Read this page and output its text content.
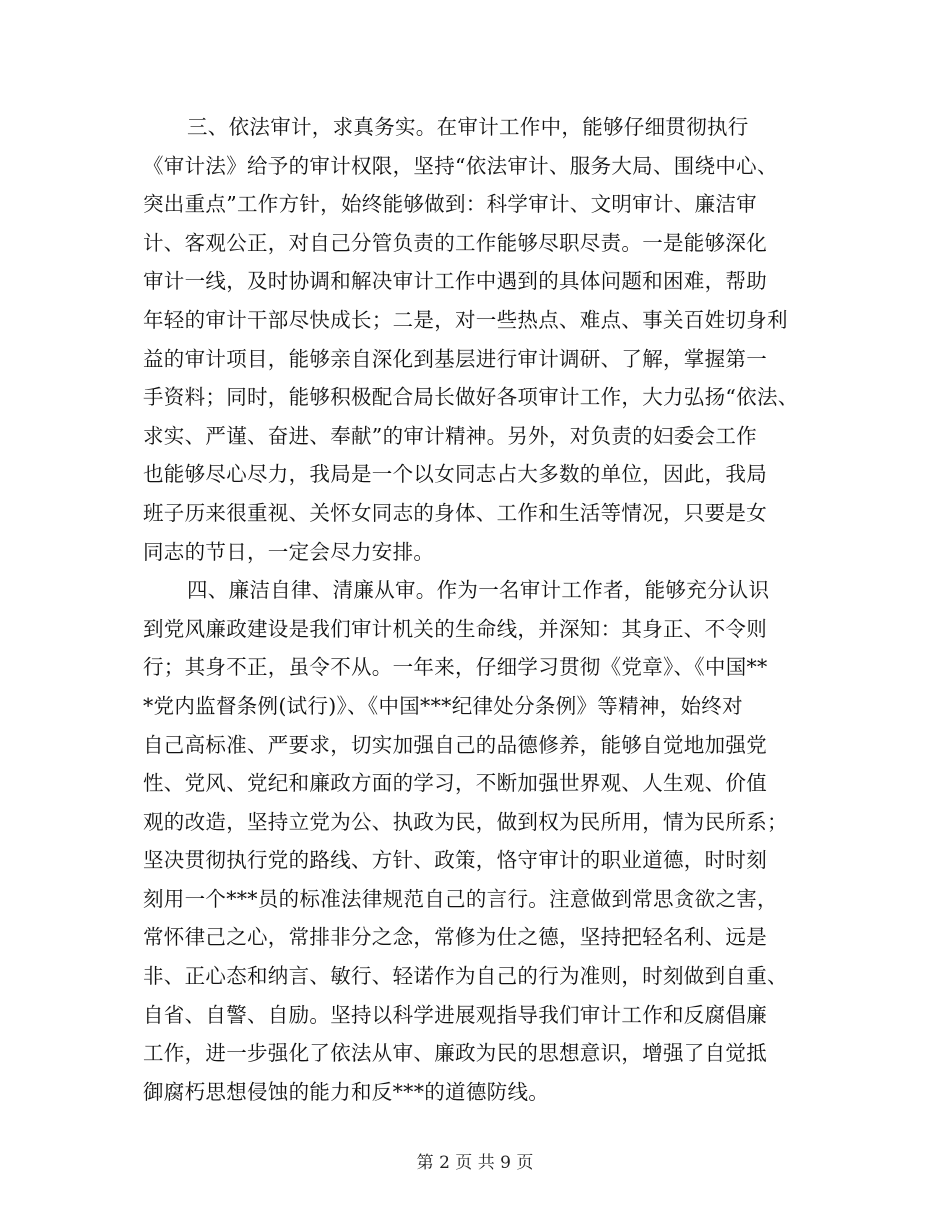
三、依法审计，求真务实。在审计工作中，能够仔细贯彻执行
《审计法》给予的审计权限，坚持“依法审计、服务大局、围绕中心、
突出重点”工作方针，始终能够做到：科学审计、文明审计、廉洁审
计、客观公正，对自己分管负责的工作能够尽职尽责。一是能够深化
审计一线，及时协调和解决审计工作中遇到的具体问题和困难，帮助
年轻的审计干部尽快成长；二是，对一些热点、难点、事关百姓切身利
益的审计项目，能够亲自深化到基层进行审计调研、了解，掌握第一
手资料；同时，能够积极配合局长做好各项审计工作，大力弘扬“依法、
求实、严谨、奋进、奉献”的审计精神。另外，对负责的妇委会工作
也能够尽心尽力，我局是一个以女同志占大多数的单位，因此，我局
班子历来很重视、关怀女同志的身体、工作和生活等情况，只要是女
同志的节日，一定会尽力安排。
四、廉洁自律、清廉从审。作为一名审计工作者，能够充分认识
到党风廉政建设是我们审计机关的生命线，并深知：其身正、不令则
行；其身不正，虽令不从。一年来，仔细学习贯彻《党章》、《中国**
*党内监督条例(试行)》、《中国***纪律处分条例》等精神，始终对
自己高标准、严要求，切实加强自己的品德修养，能够自觉地加强党
性、党风、党纪和廉政方面的学习，不断加强世界观、人生观、价值
观的改造，坚持立党为公、执政为民，做到权为民所用，情为民所系；
坚决贯彻执行党的路线、方针、政策，恪守审计的职业道德，时时刻
刻用一个***员的标准法律规范自己的言行。注意做到常思贪欲之害，
常怀律己之心，常排非分之念，常修为仕之德，坚持把轻名利、远是
非、正心态和纳言、敏行、轻诺作为自己的行为准则，时刻做到自重、
自省、自警、自励。坚持以科学进展观指导我们审计工作和反腐倡廉
工作，进一步强化了依法从审、廉政为民的思想意识，增强了自觉抵
御腐朽思想侵蚀的能力和反***的道德防线。
第 2 页 共 9 页
